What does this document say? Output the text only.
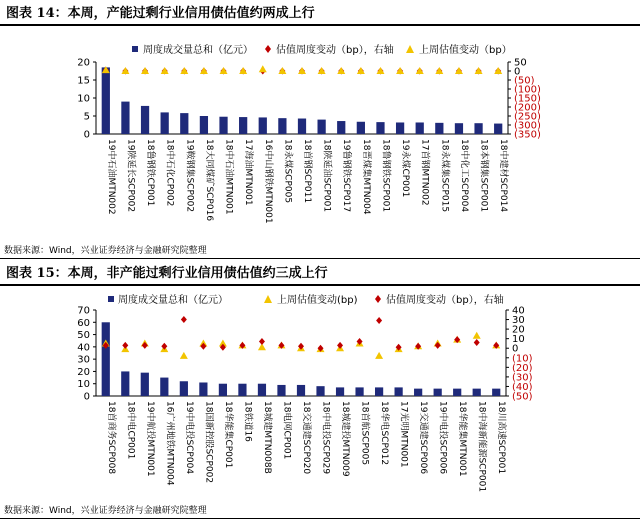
图表 14：本周，产能过剩行业信用债估值约两成上行
周度成交量总和（亿元） 估值周度变动（bp），右轴	上周估值变动（bp）
0
5
10
15
20	50
0
(50)
(100)
(150)
(200)
(250)
(300)
(350)
19中石油MTN002 19陕延长SCP002 18鲁钢铁CP001 18中石化CP002 19鞍钢集SCP002 18大同煤矿SCP016 18中石油MTN001 17海油MTN001 16中山钢铁MTN001 18永煤SCP005 18首钢SCP011 18陕延油SCP001 19鲁钢铁SCP017 18晋煤集MTN004 18鲁钢铁SCP001 19永煤CP001 17首钢MTN002 18永煤集SCP015 18中化工SCP004 18本钢集SCP001 18中建材SCP014
数据来源：Wind，兴业证券经济与金融研究院整理
图表 15：本周，非产能过剩行业信用债估值约三成上行
周度成交量总和（亿元）	上周估值变动(bp)	估值周度变动（bp），右轴
0
10
20
30
40
50
60
70	40
30
20
10
0
(10)
(20)
(30)
(40)
(50)
18首商务SCP008 18中电CP001 19中航投MTN001 16广州地铁MTN004 19中电投SCP004 18国新控股SCP002 18华能集CP001 18铁道16 18城建MTN008B 18电网CP001 18交通建SCP020 18中电投SCP029 18城建投MTN009 18首航SCP005 18华电SCP012 17光明MTN001 19交通建SCP006 19中电投SCP006 18华能集MTN001 18中海新能源SCP001 18川高速SCP001
数据来源：Wind，兴业证券经济与金融研究院整理
